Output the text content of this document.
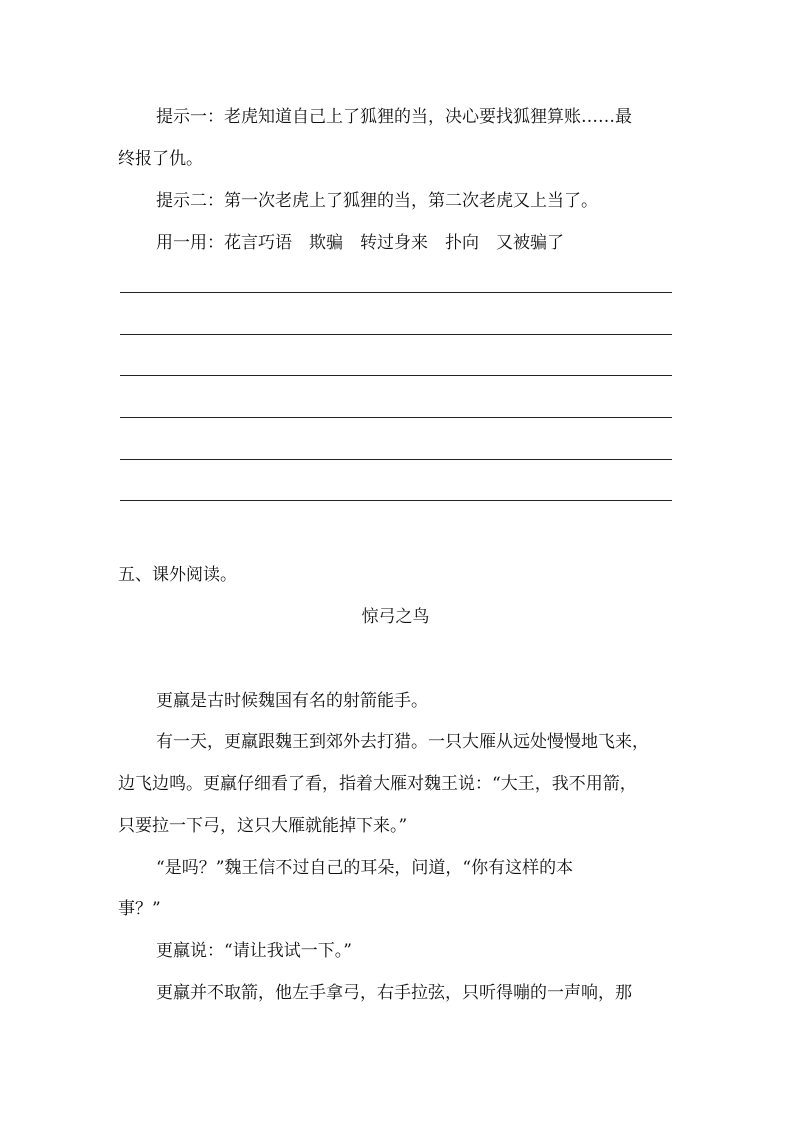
提示一：老虎知道自己上了狐狸的当，决心要找狐狸算账……最
终报了仇。
提示二：第一次老虎上了狐狸的当，第二次老虎又上当了。
用一用：花言巧语　欺骗　转过身来　扑向　又被骗了
五、课外阅读。
惊弓之鸟
更羸是古时候魏国有名的射箭能手。
有一天，更羸跟魏王到郊外去打猎。一只大雁从远处慢慢地飞来，
边飞边鸣。更羸仔细看了看，指着大雁对魏王说：“大王，我不用箭，
只要拉一下弓，这只大雁就能掉下来。”
“是吗？”魏王信不过自己的耳朵，问道，“你有这样的本
事？”
更羸说：“请让我试一下。”
更羸并不取箭，他左手拿弓，右手拉弦，只听得嘣的一声响，那
